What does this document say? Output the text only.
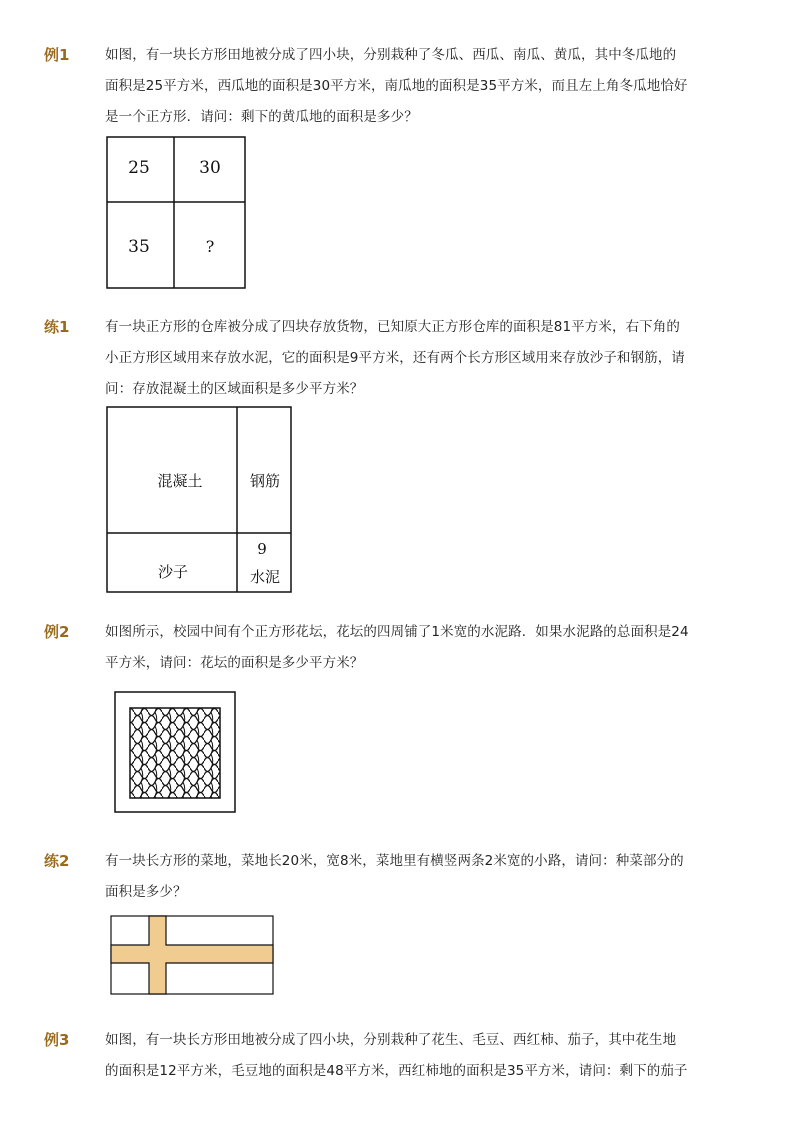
例1	如图，有一块长方形田地被分成了四小块，分别栽种了冬瓜、西瓜、南瓜、黄瓜，其中冬瓜地的
面积是25平方米，西瓜地的面积是30平方米，南瓜地的面积是35平方米，而且左上角冬瓜地恰好
是一个正方形．请问：剩下的黄瓜地的面积是多少？
25	30
35	?
练1	有一块正方形的仓库被分成了四块存放货物，已知原大正方形仓库的面积是81平方米，右下角的
小正方形区域用来存放水泥，它的面积是9平方米，还有两个长方形区域用来存放沙子和钢筋，请
问：存放混凝土的区域面积是多少平方米？
混凝土	钢筋
沙子
9
水泥
例2	如图所示，校园中间有个正方形花坛，花坛的四周铺了1米宽的水泥路．如果水泥路的总面积是24
平方米，请问：花坛的面积是多少平方米？
练2	有一块长方形的菜地，菜地长20米，宽8米，菜地里有横竖两条2米宽的小路，请问：种菜部分的
面积是多少？
例3	如图，有一块长方形田地被分成了四小块，分别栽种了花生、毛豆、西红柿、茄子，其中花生地
的面积是12平方米，毛豆地的面积是48平方米，西红柿地的面积是35平方米，请问：剩下的茄子
